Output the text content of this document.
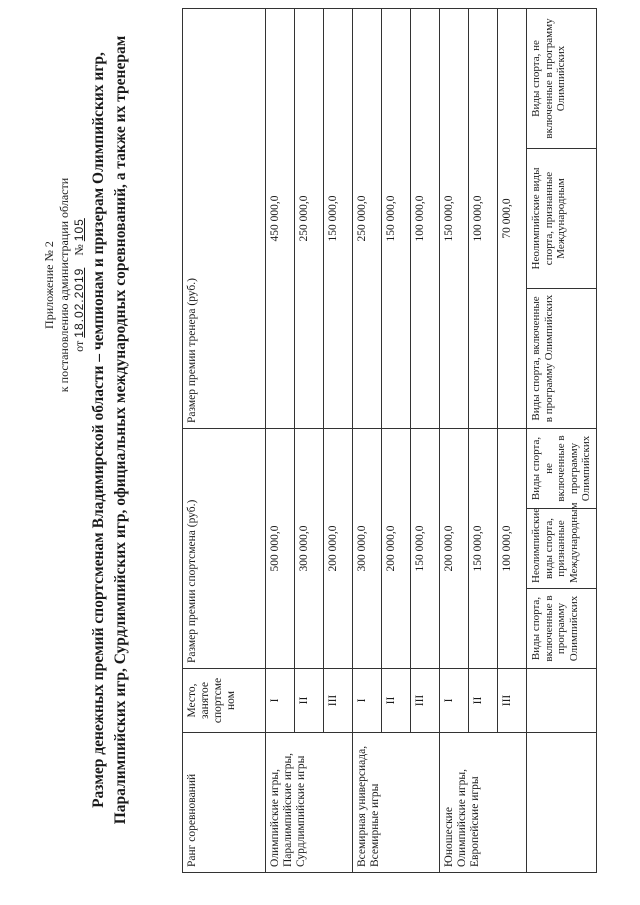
Приложение № 2 к постановлению администрации области от 18.02.2019    № 105 Размер денежных премий спортсменам Владимирской области – чемпионам и призерам Олимпийских игр, Паралимпийских игр, Сурдлимпийских игр, официальных международных соревнований, а также их тренерам	Ранг соревнований	Место, занятое спортсме ном	Размер премии спортсмена (руб.)			Размер премии тренера (руб.)		
Олимпийские игры, Паралимпийские игры, Сурдлимпийские игры	I	500 000,0			450 000,0		
	II	300 000,0			250 000,0		
	III	200 000,0			150 000,0		
Всемирная универсиада, Всемирные игры	I	300 000,0			250 000,0		
	II	200 000,0			150 000,0		
	III	150 000,0			100 000,0		
Юношеские Олимпийские игры, Европейские игры	I	200 000,0			150 000,0		
	II	150 000,0			100 000,0		
	III	100 000,0			70 000,0		
		Виды спорта, включенные в программу Олимпийских	Неолимпийские виды спорта, признанные Международным	Виды спорта, не включенные в программу Олимпийских	Виды спорта, включенные в программу Олимпийских	Неолимпийские виды спорта, признанные Международным	Виды спорта, не включенные в программу Олимпийских
